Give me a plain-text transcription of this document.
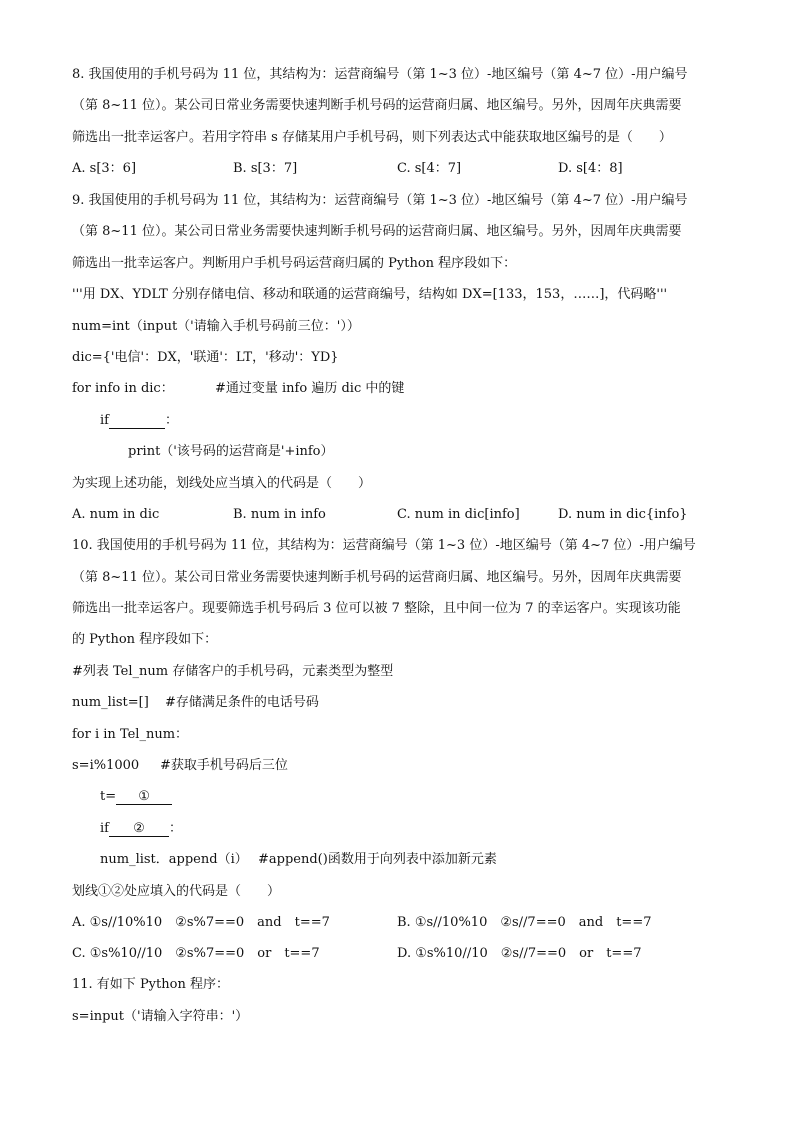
8. 我国使用的手机号码为 11 位，其结构为：运营商编号（第 1~3 位）-地区编号（第 4~7 位）-用户编号
（第 8~11 位）。某公司日常业务需要快速判断手机号码的运营商归属、地区编号。另外，因周年庆典需要
筛选出一批幸运客户。若用字符串 s 存储某用户手机号码，则下列表达式中能获取地区编号的是（　　）
A. s[3：6]	B. s[3：7]	C. s[4：7]	D. s[4：8]
9. 我国使用的手机号码为 11 位，其结构为：运营商编号（第 1~3 位）-地区编号（第 4~7 位）-用户编号
（第 8~11 位）。某公司日常业务需要快速判断手机号码的运营商归属、地区编号。另外，因周年庆典需要
筛选出一批幸运客户。判断用户手机号码运营商归属的 Python 程序段如下：
'''用 DX、YDLT 分别存储电信、移动和联通的运营商编号，结构如 DX=[133，153，……]，代码略'''
num=int（input（'请输入手机号码前三位：'））
dic={'电信'：DX，'联通'：LT，'移动'：YD}
for info in dic：	#通过变量 info 遍历 dic 中的键
if	：
print（'该号码的运营商是'+info）
为实现上述功能，划线处应当填入的代码是（　　）
A. num in dic	B. num in info	C. num in dic[info]	D. num in dic{info}
10. 我国使用的手机号码为 11 位，其结构为：运营商编号（第 1~3 位）-地区编号（第 4~7 位）-用户编号
（第 8~11 位）。某公司日常业务需要快速判断手机号码的运营商归属、地区编号。另外，因周年庆典需要
筛选出一批幸运客户。现要筛选手机号码后 3 位可以被 7 整除，且中间一位为 7 的幸运客户。实现该功能
的 Python 程序段如下：
#列表 Tel_num 存储客户的手机号码，元素类型为整型
num_list=[] #存储满足条件的电话号码
for i in Tel_num：
s=i%1000 #获取手机号码后三位
t= ①
if ② ：
num_list．append（i） #append()函数用于向列表中添加新元素
划线①②处应填入的代码是（　　）
A. ①s//10%10　②s%7==0　and　t==7	B. ①s//10%10　②s//7==0　and　t==7
C. ①s%10//10　②s%7==0　or　t==7	D. ①s%10//10　②s//7==0　or　t==7
11. 有如下 Python 程序：
s=input（'请输入字符串：'）
